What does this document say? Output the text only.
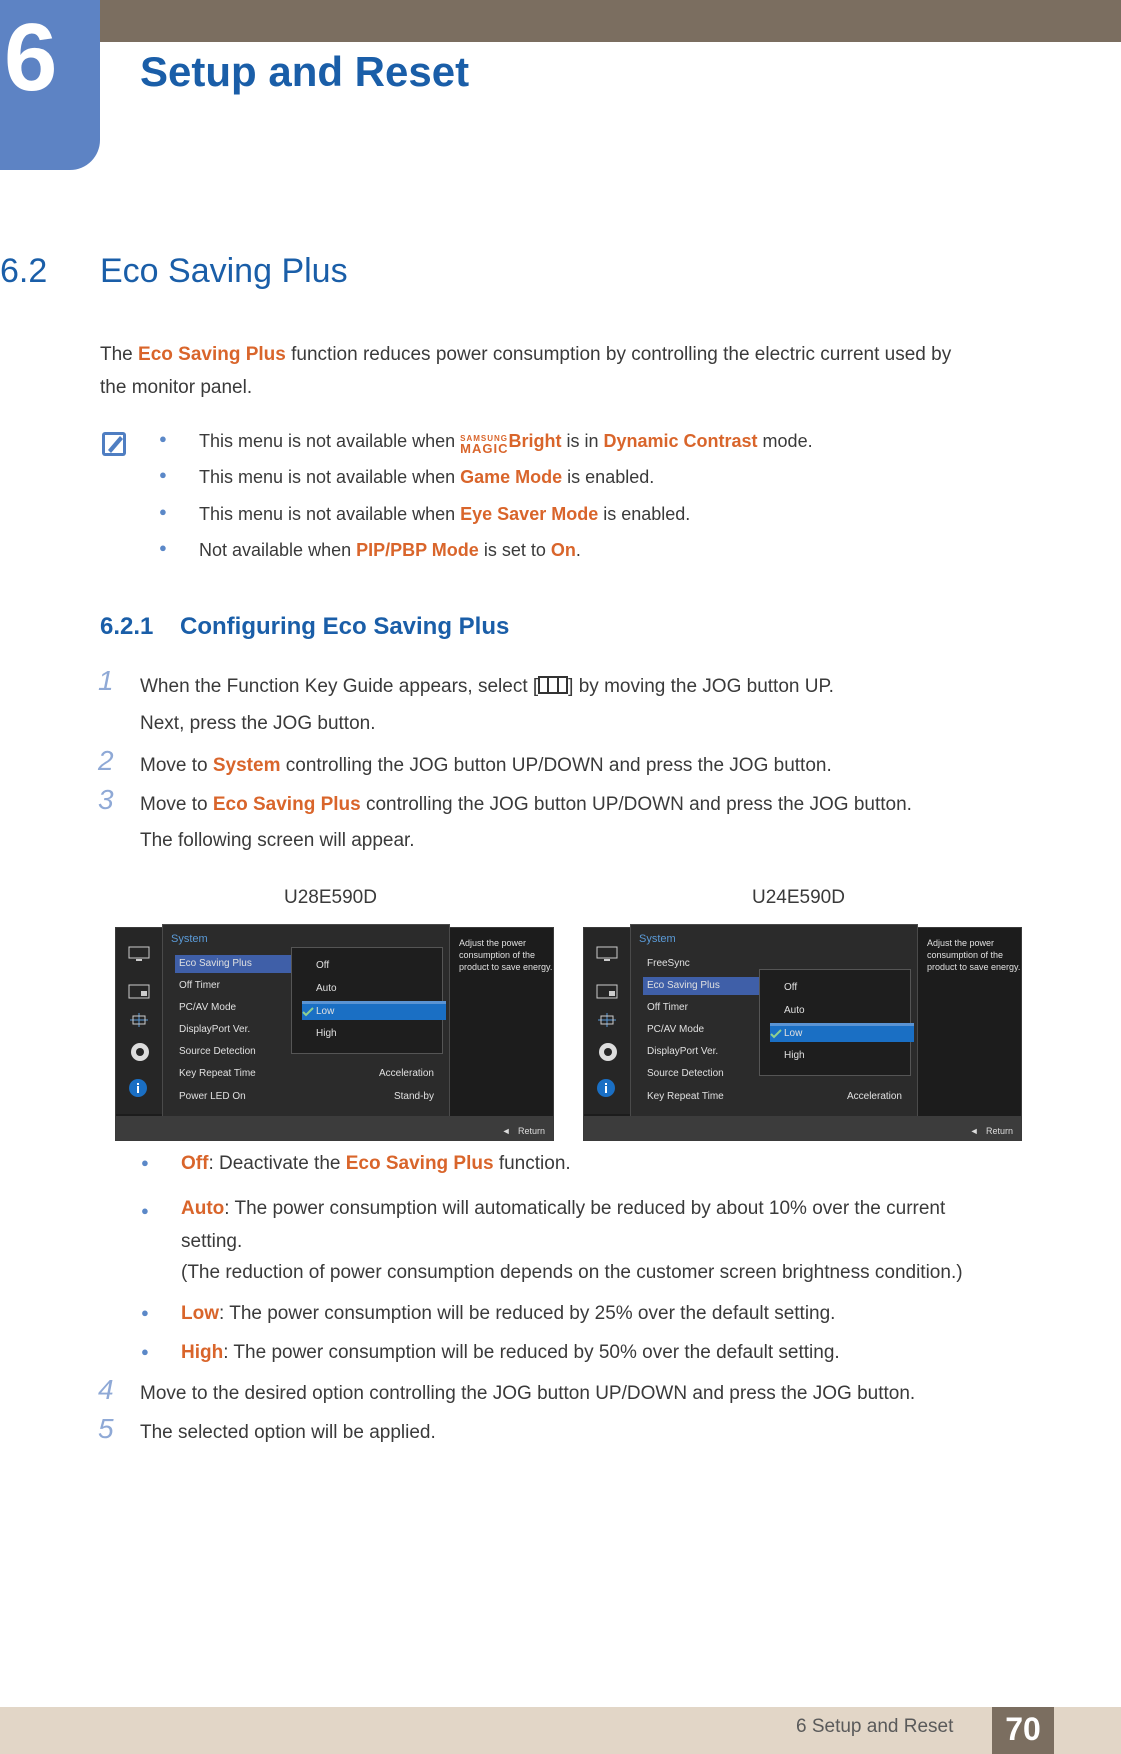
6 Setup and Reset
6.2 Eco Saving Plus
The Eco Saving Plus function reduces power consumption by controlling the electric current used by
the monitor panel.
● This menu is not available when SAMSUNG
MAGIC Bright is in Dynamic Contrast mode.
● This menu is not available when Game Mode is enabled.
● This menu is not available when Eye Saver Mode is enabled.
● Not available when PIP/PBP Mode is set to On.
6.2.1 Configuring Eco Saving Plus
1 When the Function Key Guide appears, select [ ] by moving the JOG button UP.
Next, press the JOG button.
2 Move to System controlling the JOG button UP/DOWN and press the JOG button.
3 Move to Eco Saving Plus controlling the JOG button UP/DOWN and press the JOG button.
The following screen will appear.
U28E590D	U24E590D
System
Eco Saving Plus
Off Timer
PC/AV Mode
DisplayPort Ver.
Source Detection
Key Repeat Time
Power LED On
Acceleration
Stand-by
Off
Auto
Low
High
Adjust the power consumption of the product to save energy.
◄   Return
System
FreeSync
Eco Saving Plus
Off Timer
PC/AV Mode
DisplayPort Ver.
Source Detection
Key Repeat Time	Acceleration
Off
Auto
Low
High
Adjust the power consumption of the product to save energy.
◄   Return
● Off: Deactivate the Eco Saving Plus function.
● Auto: The power consumption will automatically be reduced by about 10% over the current
setting.
(The reduction of power consumption depends on the customer screen brightness condition.)
● Low: The power consumption will be reduced by 25% over the default setting.
● High: The power consumption will be reduced by 50% over the default setting.
4 Move to the desired option controlling the JOG button UP/DOWN and press the JOG button.
5 The selected option will be applied.
6 Setup and Reset	70
